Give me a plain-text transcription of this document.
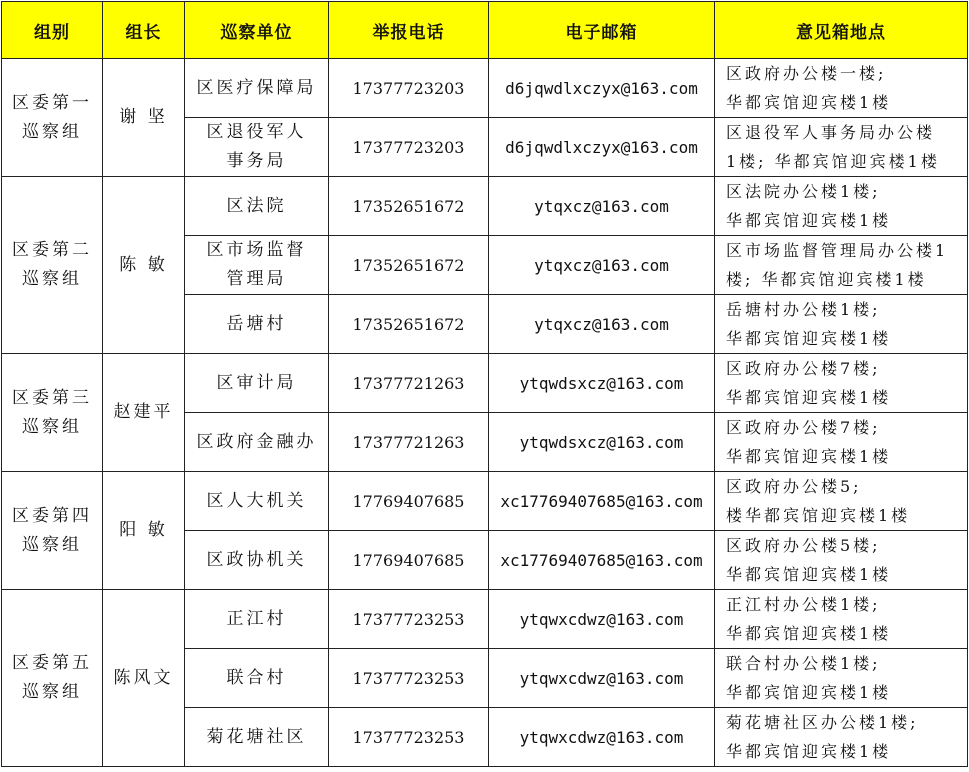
组别	组长	巡察单位	举报电话	电子邮箱	意见箱地点

区委第一
巡察组	谢 坚	区医疗保障局	17377723203	d6jqwdlxczyx@163.com	区政府办公楼一楼;
华都宾馆迎宾楼1楼

		区退役军人
事务局	17377723203	d6jqwdlxczyx@163.com	区退役军人事务局办公楼
1楼; 华都宾馆迎宾楼1楼

区委第二
巡察组	陈 敏	区法院	17352651672	ytqxcz@163.com	区法院办公楼1楼;
华都宾馆迎宾楼1楼

		区市场监督
管理局	17352651672	ytqxcz@163.com	区市场监督管理局办公楼1
楼; 华都宾馆迎宾楼1楼

		岳塘村	17352651672	ytqxcz@163.com	岳塘村办公楼1楼;
华都宾馆迎宾楼1楼

区委第三
巡察组	赵建平	区审计局	17377721263	ytqwdsxcz@163.com	区政府办公楼7楼;
华都宾馆迎宾楼1楼

		区政府金融办	17377721263	ytqwdsxcz@163.com	区政府办公楼7楼;
华都宾馆迎宾楼1楼

区委第四
巡察组	阳 敏	区人大机关	17769407685	xc17769407685@163.com	区政府办公楼5;
楼华都宾馆迎宾楼1楼

		区政协机关	17769407685	xc17769407685@163.com	区政府办公楼5楼;
华都宾馆迎宾楼1楼

区委第五
巡察组	陈风文	正江村	17377723253	ytqwxcdwz@163.com	正江村办公楼1楼;
华都宾馆迎宾楼1楼

		联合村	17377723253	ytqwxcdwz@163.com	联合村办公楼1楼;
华都宾馆迎宾楼1楼

		菊花塘社区	17377723253	ytqwxcdwz@163.com	菊花塘社区办公楼1楼;
华都宾馆迎宾楼1楼
